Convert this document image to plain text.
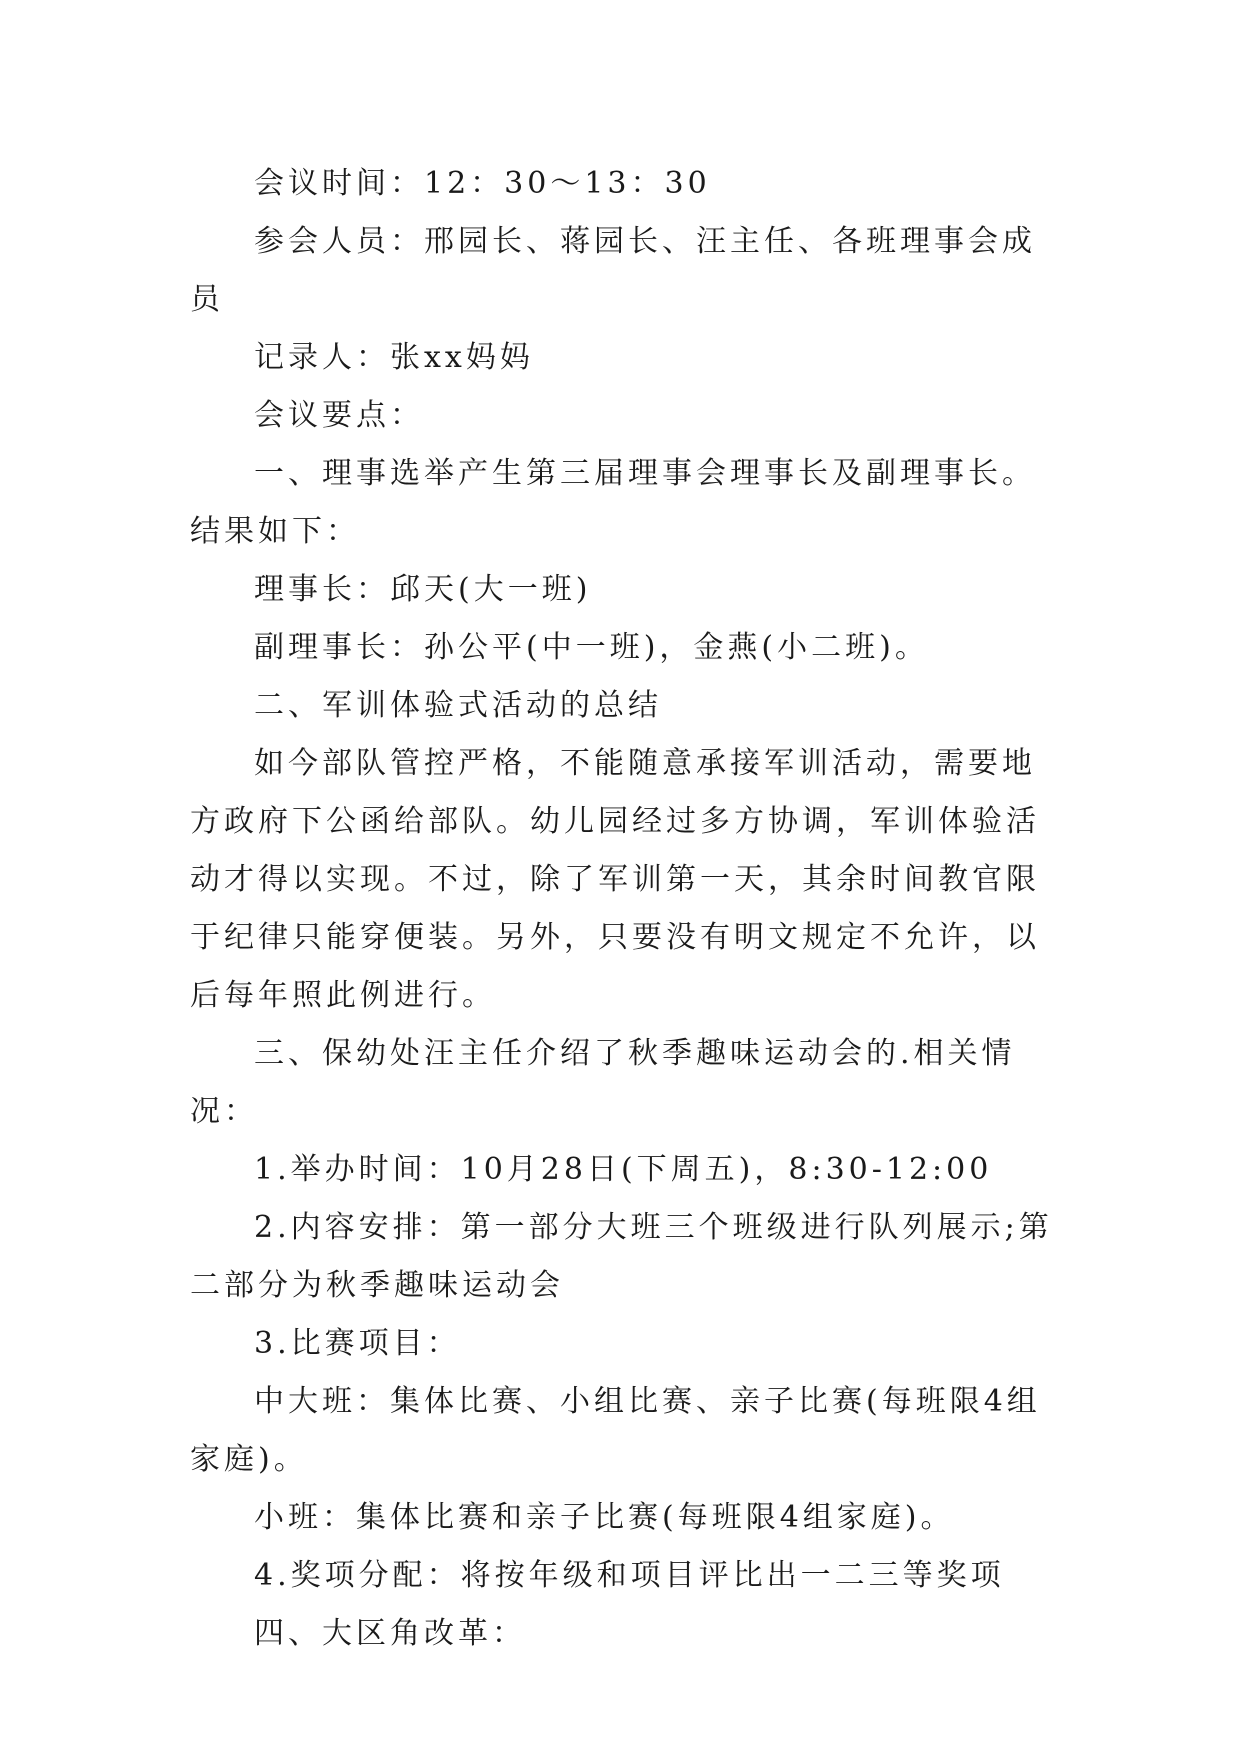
会议时间：12：30～13：30

参会人员：邢园长、蒋园长、汪主任、各班理事会成员

记录人：张xx妈妈

会议要点：

一、理事选举产生第三届理事会理事长及副理事长。结果如下：

理事长：邱天(大一班)

副理事长：孙公平(中一班)，金燕(小二班)。

二、军训体验式活动的总结

如今部队管控严格，不能随意承接军训活动，需要地方政府下公函给部队。幼儿园经过多方协调，军训体验活动才得以实现。不过，除了军训第一天，其余时间教官限于纪律只能穿便装。另外，只要没有明文规定不允许，以后每年照此例进行。

三、保幼处汪主任介绍了秋季趣味运动会的.相关情况：

1.举办时间：10月28日(下周五)，8:30-12:00

2.内容安排：第一部分大班三个班级进行队列展示;第二部分为秋季趣味运动会

3.比赛项目：

中大班：集体比赛、小组比赛、亲子比赛(每班限4组家庭)。

小班：集体比赛和亲子比赛(每班限4组家庭)。

4.奖项分配：将按年级和项目评比出一二三等奖项

四、大区角改革：
